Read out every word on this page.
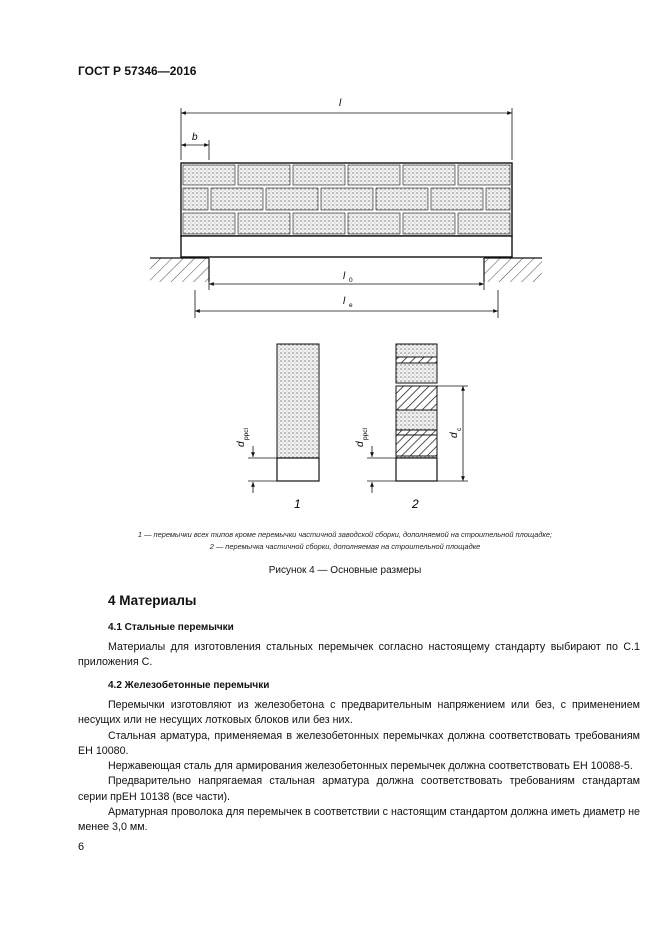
ГОСТ Р 57346—2016
l
b
l 0
l e
d
ppcl
1
d
ppcl	d
c
2
1 — перемычки всех типов кроме перемычки частичной заводской сборки, дополняемой на строительной площадке;
2 — перемычка частичной сборки, дополняемая на строительной площадке
Рисунок 4 — Основные размеры
4 Материалы
4.1 Стальные перемычки
Материалы для изготовления стальных перемычек согласно настоящему стандарту выбирают по С.1 приложения С.
4.2 Железобетонные перемычки
Перемычки изготовляют из железобетона с предварительным напряжением или без, с применением несущих или не несущих лотковых блоков или без них.
Стальная арматура, применяемая в железобетонных перемычках должна соответствовать требованиям ЕН 10080.
Нержавеющая сталь для армирования железобетонных перемычек должна соответствовать ЕН 10088-5.
Предварительно напрягаемая стальная арматура должна соответствовать требованиям стандартам серии прЕН 10138 (все части).
Арматурная проволока для перемычек в соответствии с настоящим стандартом должна иметь диаметр не менее 3,0 мм.
6
